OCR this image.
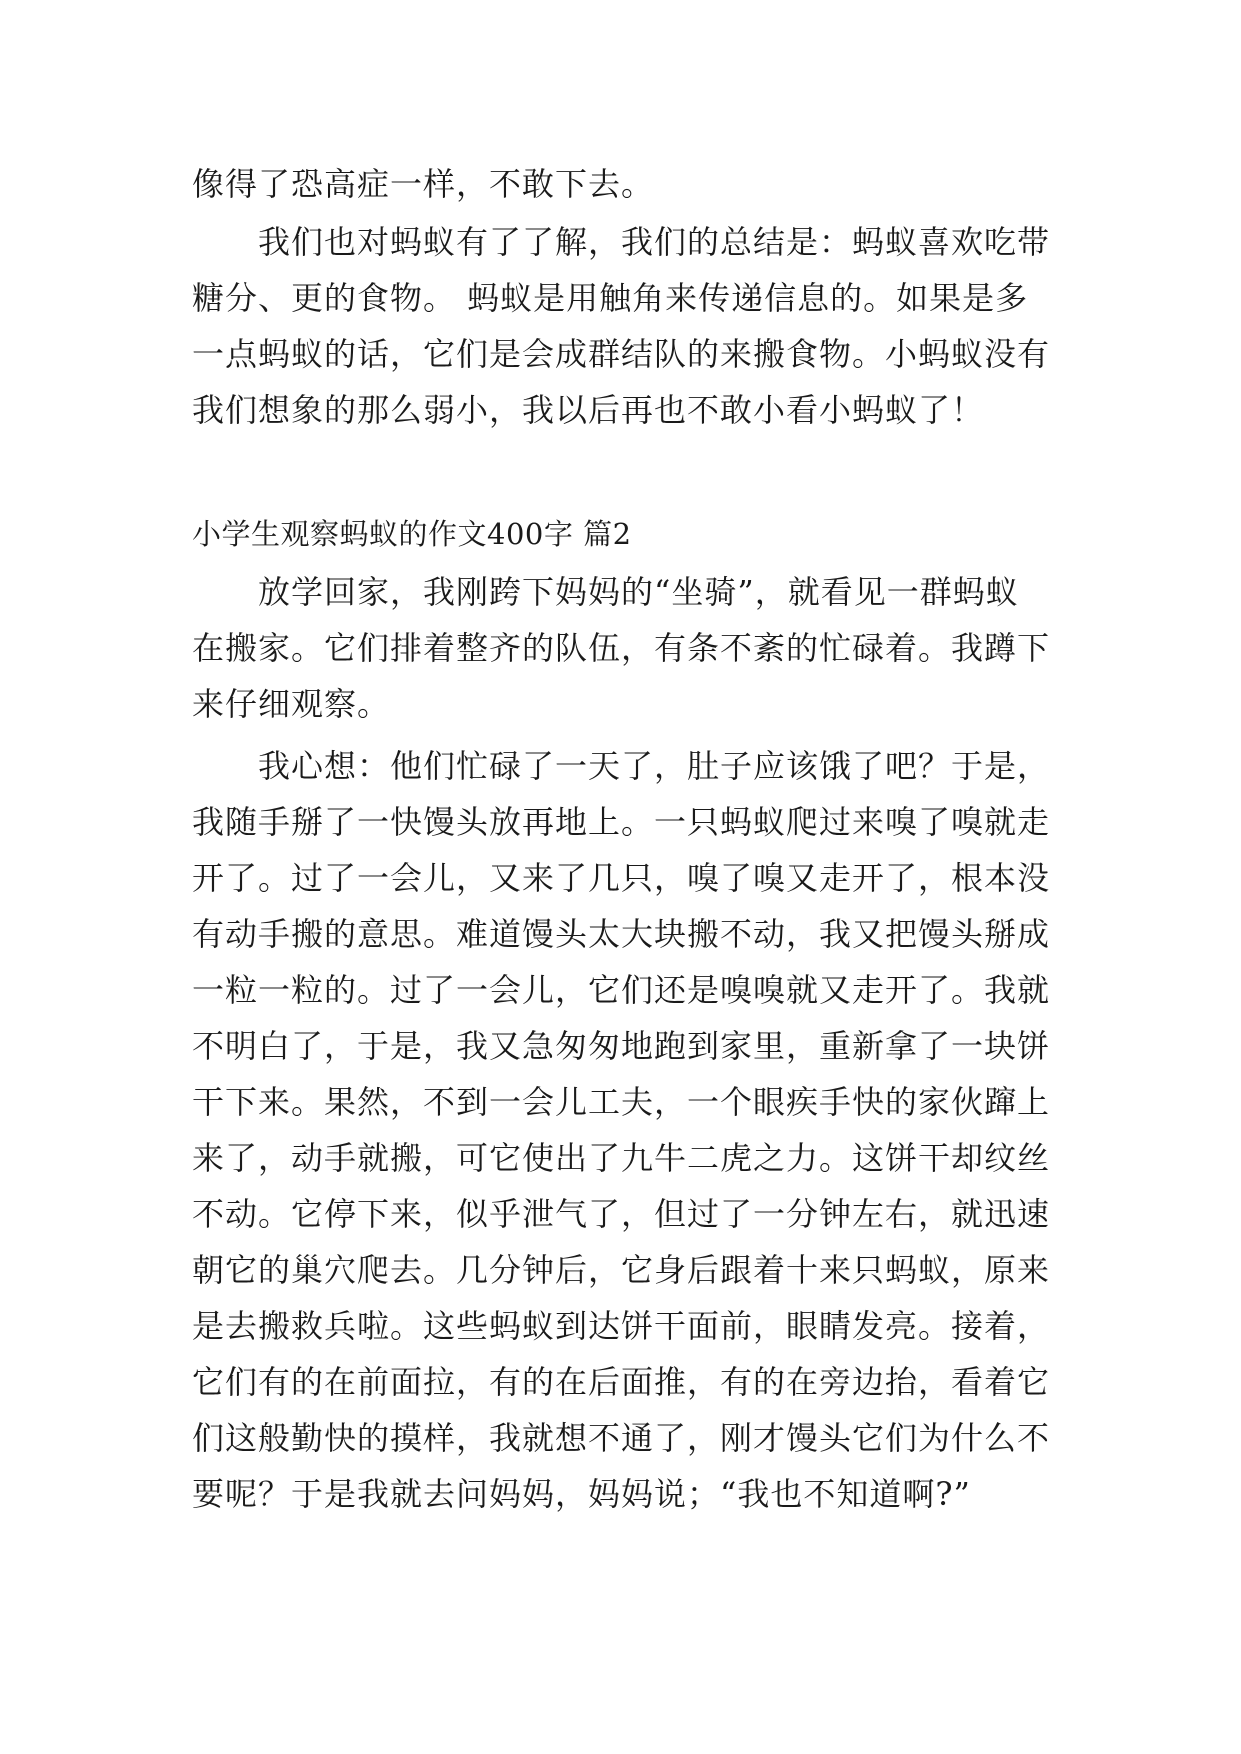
像得了恐高症一样，不敢下去。
我们也对蚂蚁有了了解，我们的总结是：蚂蚁喜欢吃带
糖分、更的食物。 蚂蚁是用触角来传递信息的。如果是多
一点蚂蚁的话，它们是会成群结队的来搬食物。小蚂蚁没有
我们想象的那么弱小，我以后再也不敢小看小蚂蚁了！
小学生观察蚂蚁的作文400字 篇2
放学回家，我刚跨下妈妈的“坐骑”，就看见一群蚂蚁
在搬家。它们排着整齐的队伍，有条不紊的忙碌着。我蹲下
来仔细观察。
我心想：他们忙碌了一天了，肚子应该饿了吧？于是，
我随手掰了一快馒头放再地上。一只蚂蚁爬过来嗅了嗅就走
开了。过了一会儿，又来了几只，嗅了嗅又走开了，根本没
有动手搬的意思。难道馒头太大块搬不动，我又把馒头掰成
一粒一粒的。过了一会儿，它们还是嗅嗅就又走开了。我就
不明白了，于是，我又急匆匆地跑到家里，重新拿了一块饼
干下来。果然，不到一会儿工夫，一个眼疾手快的家伙蹿上
来了，动手就搬，可它使出了九牛二虎之力。这饼干却纹丝
不动。它停下来，似乎泄气了，但过了一分钟左右，就迅速
朝它的巢穴爬去。几分钟后，它身后跟着十来只蚂蚁，原来
是去搬救兵啦。这些蚂蚁到达饼干面前，眼睛发亮。接着，
它们有的在前面拉，有的在后面推，有的在旁边抬，看着它
们这般勤快的摸样，我就想不通了，刚才馒头它们为什么不
要呢？于是我就去问妈妈，妈妈说；“我也不知道啊?”
